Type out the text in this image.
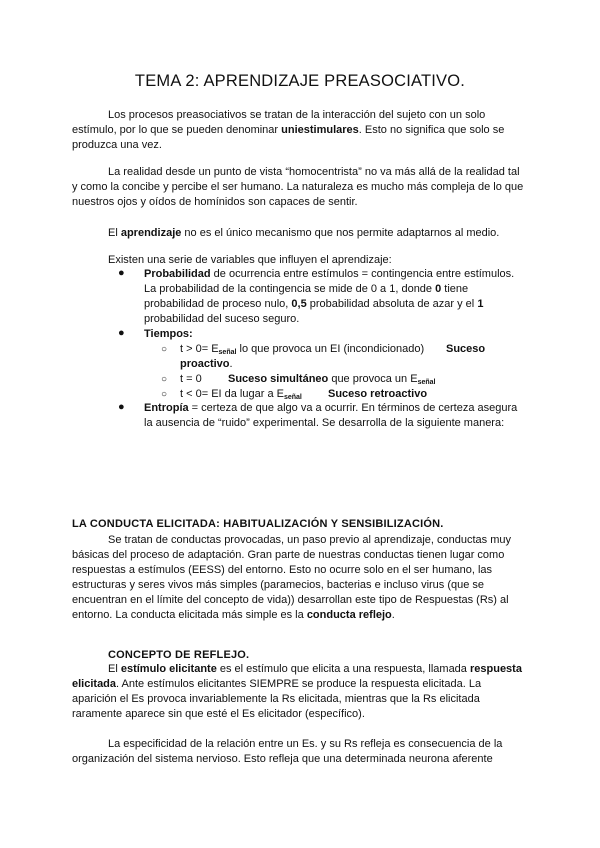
TEMA 2: APRENDIZAJE PREASOCIATIVO.

Los procesos preasociativos se tratan de la interacción del sujeto con un solo estímulo, por lo que se pueden denominar uniestimulares. Esto no significa que solo se produzca una vez.

La realidad desde un punto de vista “homocentrista” no va más allá de la realidad tal y como la concibe y percibe el ser humano. La naturaleza es mucho más compleja de lo que nuestros ojos y oídos de homínidos son capaces de sentir.

El aprendizaje no es el único mecanismo que nos permite adaptarnos al medio.

Existen una serie de variables que influyen el aprendizaje:

● Probabilidad de ocurrencia entre estímulos = contingencia entre estímulos. La probabilidad de la contingencia se mide de 0 a 1, donde 0 tiene probabilidad de proceso nulo, 0,5 probabilidad absoluta de azar y el 1 probabilidad del suceso seguro.
● Tiempos:
○ $t > 0= E_{señal}$ lo que provoca un EI (incondicionado) Suceso
proactivo.
○ t = 0 Suceso simultáneo que provoca un $E_{señal}$
○ t < 0= EI da lugar a $E_{señal}$ Suceso retroactivo
● Entropía = certeza de que algo va a ocurrir. En términos de certeza asegura la ausencia de “ruido” experimental. Se desarrolla de la siguiente manera:
LA CONDUCTA ELICITADA: HABITUALIZACIÓN Y SENSIBILIZACIÓN.

Se tratan de conductas provocadas, un paso previo al aprendizaje, conductas muy básicas del proceso de adaptación. Gran parte de nuestras conductas tienen lugar como respuestas a estímulos (EESS) del entorno. Esto no ocurre solo en el ser humano, las estructuras y seres vivos más simples (paramecios, bacterias e incluso virus (que se encuentran en el límite del concepto de vida)) desarrollan este tipo de Respuestas (Rs) al entorno. La conducta elicitada más simple es la conducta reflejo.

CONCEPTO DE REFLEJO.

El estímulo elicitante es el estímulo que elicita a una respuesta, llamada respuesta elicitada. Ante estímulos elicitantes SIEMPRE se produce la respuesta elicitada. La aparición el Es provoca invariablemente la Rs elicitada, mientras que la Rs elicitada raramente aparece sin que esté el Es elicitador (específico).

La especificidad de la relación entre un Es. y su Rs refleja es consecuencia de la organización del sistema nervioso. Esto refleja que una determinada neurona aferente
